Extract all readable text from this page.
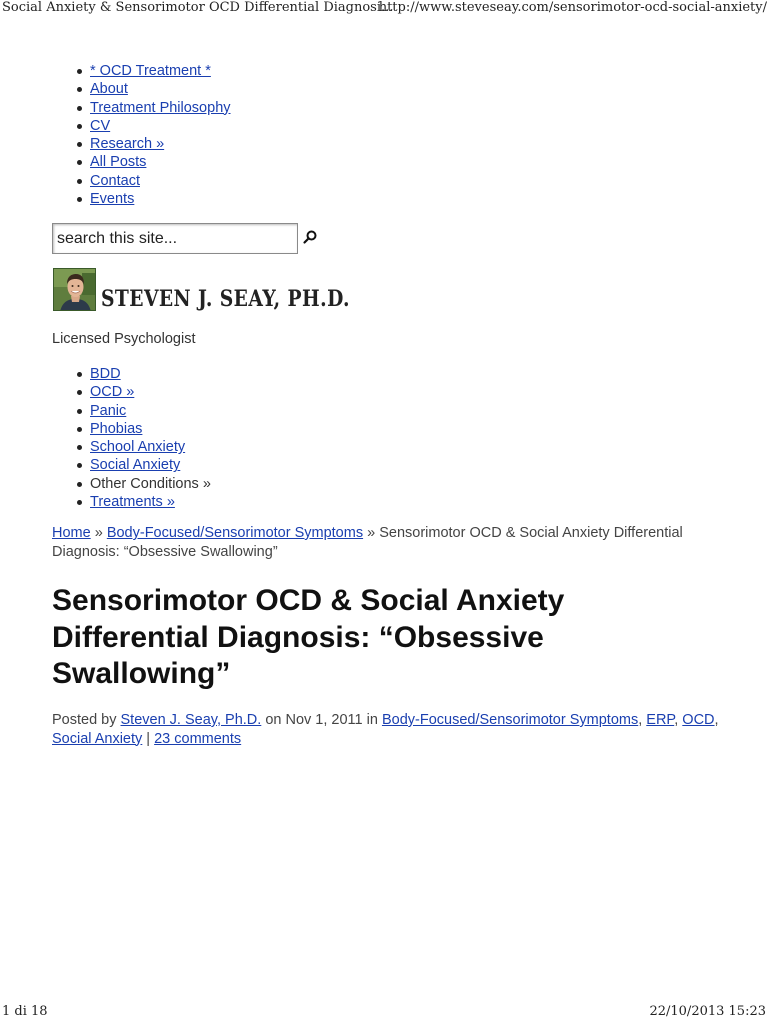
Social Anxiety & Sensorimotor OCD Differential Diagnosi...
http://www.steveseay.com/sensorimotor-ocd-social-anxiety/
* OCD Treatment *
About
Treatment Philosophy
CV
Research »
All Posts
Contact
Events
search this site...
STEVEN J. SEAY, PH.D.
Licensed Psychologist
BDD
OCD »
Panic
Phobias
School Anxiety
Social Anxiety
Other Conditions »
Treatments »
Home » Body-Focused/Sensorimotor Symptoms » Sensorimotor OCD & Social Anxiety Differential Diagnosis: “Obsessive Swallowing”
Sensorimotor OCD & Social Anxiety Differential Diagnosis: “Obsessive Swallowing”
Posted by Steven J. Seay, Ph.D. on Nov 1, 2011 in Body-Focused/Sensorimotor Symptoms, ERP, OCD, Social Anxiety | 23 comments
1 di 18	22/10/2013 15:23
